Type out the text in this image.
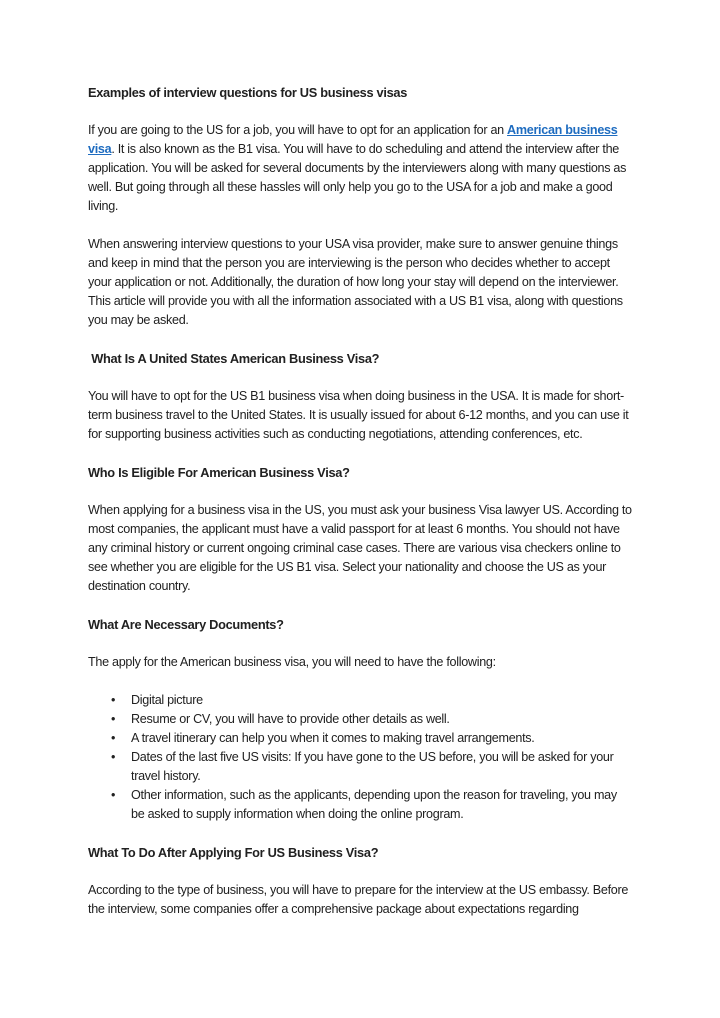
Examples of interview questions for US business visas

If you are going to the US for a job, you will have to opt for an application for an American business visa. It is also known as the B1 visa. You will have to do scheduling and attend the interview after the application. You will be asked for several documents by the interviewers along with many questions as well. But going through all these hassles will only help you go to the USA for a job and make a good living.

When answering interview questions to your USA visa provider, make sure to answer genuine things and keep in mind that the person you are interviewing is the person who decides whether to accept your application or not. Additionally, the duration of how long your stay will depend on the interviewer. This article will provide you with all the information associated with a US B1 visa, along with questions you may be asked.

What Is A United States American Business Visa?

You will have to opt for the US B1 business visa when doing business in the USA. It is made for short-term business travel to the United States. It is usually issued for about 6-12 months, and you can use it for supporting business activities such as conducting negotiations, attending conferences, etc.

Who Is Eligible For American Business Visa?

When applying for a business visa in the US, you must ask your business Visa lawyer US. According to most companies, the applicant must have a valid passport for at least 6 months. You should not have any criminal history or current ongoing criminal case cases. There are various visa checkers online to see whether you are eligible for the US B1 visa. Select your nationality and choose the US as your destination country.

What Are Necessary Documents?

The apply for the American business visa, you will need to have the following:

• Digital picture
• Resume or CV, you will have to provide other details as well.
• A travel itinerary can help you when it comes to making travel arrangements.
• Dates of the last five US visits: If you have gone to the US before, you will be asked for your travel history.
• Other information, such as the applicants, depending upon the reason for traveling, you may be asked to supply information when doing the online program.
What To Do After Applying For US Business Visa?

According to the type of business, you will have to prepare for the interview at the US embassy. Before the interview, some companies offer a comprehensive package about expectations regarding
